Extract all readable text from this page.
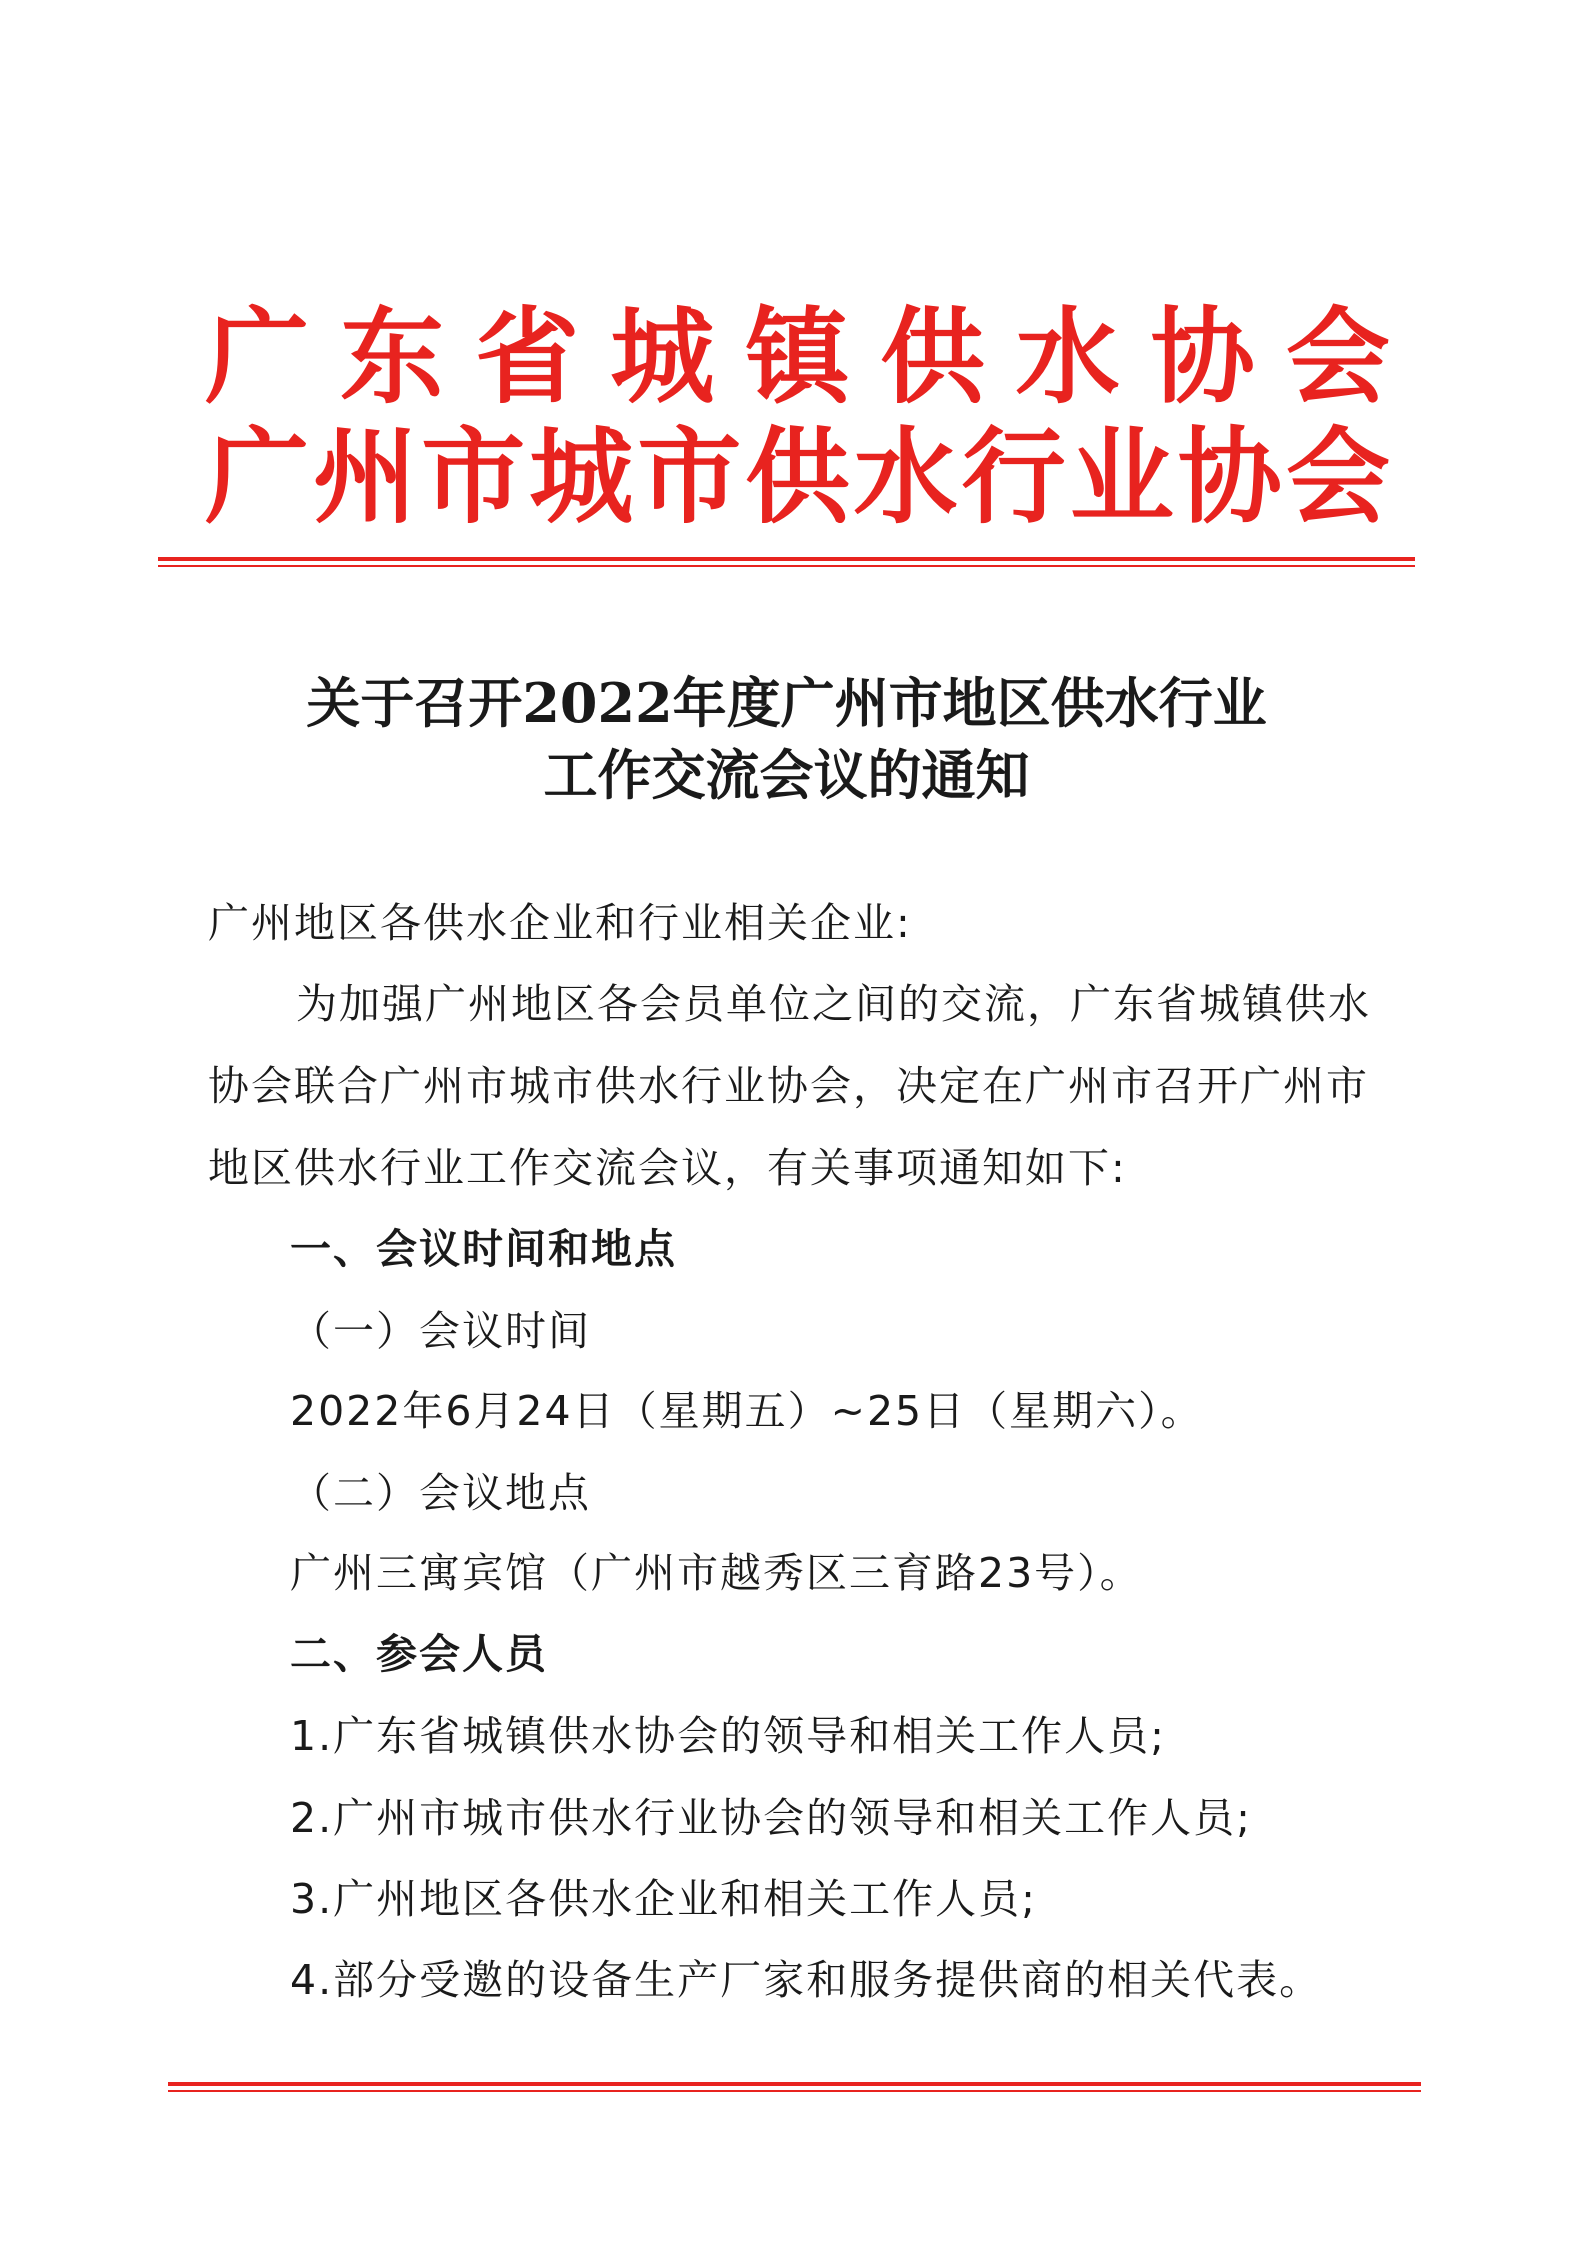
广 东 省 城 镇 供 水 协 会
广 州 市 城 市 供 水 行 业 协 会
关于召开2022年度广州市地区供水行业
工作交流会议的通知
广州地区各供水企业和行业相关企业:
为 加 强 广 州 地 区 各 会 员 单 位 之 间 的 交 流 ， 广 东 省 城 镇 供 水
协 会 联 合 广 州 市 城 市 供 水 行 业 协 会 ， 决 定 在 广 州 市 召 开 广 州 市
地区供水行业工作交流会议，有关事项通知如下:
一、会议时间和地点
（一）会议时间
2022年6月24日（星期五）~25日（星期六）。
（二）会议地点
广州三寓宾馆（广州市越秀区三育路23号）。
二、参会人员
1.广东省城镇供水协会的领导和相关工作人员;
2.广州市城市供水行业协会的领导和相关工作人员;
3.广州地区各供水企业和相关工作人员;
4.部分受邀的设备生产厂家和服务提供商的相关代表。
